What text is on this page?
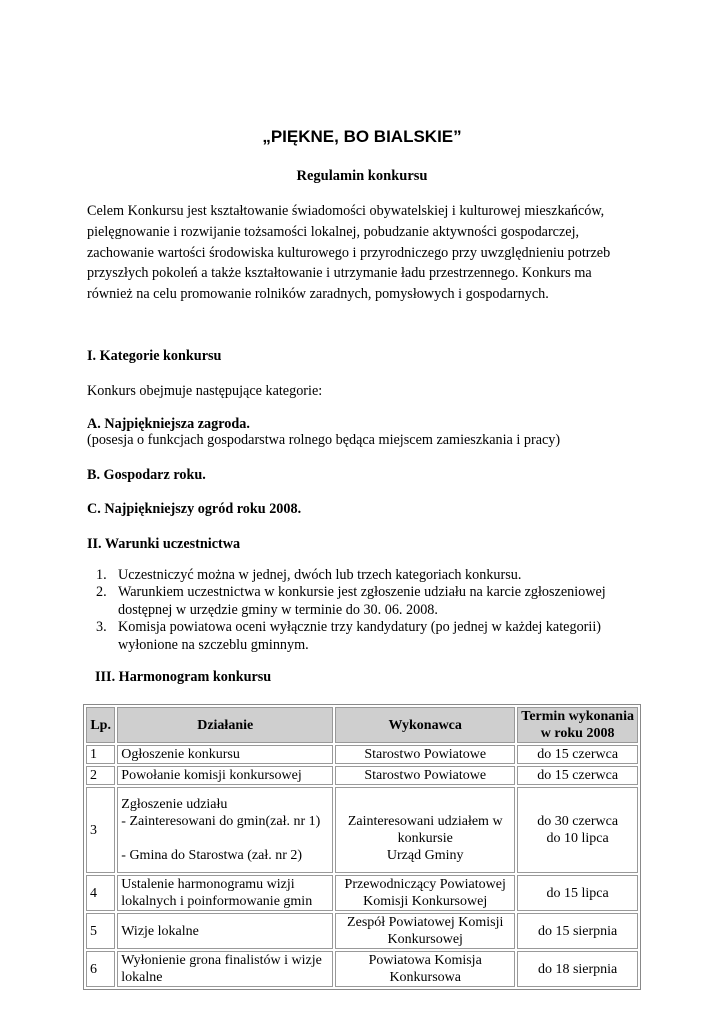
„PIĘKNE, BO BIALSKIE”
Regulamin konkursu
Celem Konkursu jest kształtowanie świadomości obywatelskiej i kulturowej mieszkańców,
pielęgnowanie i rozwijanie tożsamości lokalnej, pobudzanie aktywności gospodarczej,
zachowanie wartości środowiska kulturowego i przyrodniczego przy uwzględnieniu potrzeb
przyszłych pokoleń a także kształtowanie i utrzymanie ładu przestrzennego. Konkurs ma
również na celu promowanie rolników zaradnych, pomysłowych i gospodarnych.
I. Kategorie konkursu
Konkurs obejmuje następujące kategorie:
A. Najpiękniejsza zagroda.
(posesja o funkcjach gospodarstwa rolnego będąca miejscem zamieszkania i pracy)
B. Gospodarz roku.
C. Najpiękniejszy ogród roku 2008.
II. Warunki uczestnictwa
1. Uczestniczyć można w jednej, dwóch lub trzech kategoriach konkursu.
2. Warunkiem uczestnictwa w konkursie jest zgłoszenie udziału na karcie zgłoszeniowej
dostępnej w urzędzie gminy w terminie do 30. 06. 2008.
3. Komisja powiatowa oceni wyłącznie trzy kandydatury (po jednej w każdej kategorii)
wyłonione na szczeblu gminnym.
III. Harmonogram konkursu
Lp.	Działanie	Wykonawca	Termin wykonania w roku 2008
1	Ogłoszenie konkursu	Starostwo Powiatowe	do 15 czerwca
2	Powołanie komisji konkursowej	Starostwo Powiatowe	do 15 czerwca
3	Zgłoszenie udziału
- Zainteresowani do gmin(zał. nr 1)

- Gmina do Starostwa (zał. nr 2)	Zainteresowani udziałem w konkursie
Urząd Gminy	do 30 czerwca
do 10 lipca
4	Ustalenie harmonogramu wizji lokalnych i poinformowanie gmin	Przewodniczący Powiatowej Komisji Konkursowej	do 15 lipca
5	Wizje lokalne	Zespół Powiatowej Komisji Konkursowej	do 15 sierpnia
6	Wyłonienie grona finalistów i wizje lokalne	Powiatowa Komisja Konkursowa	do 18 sierpnia
